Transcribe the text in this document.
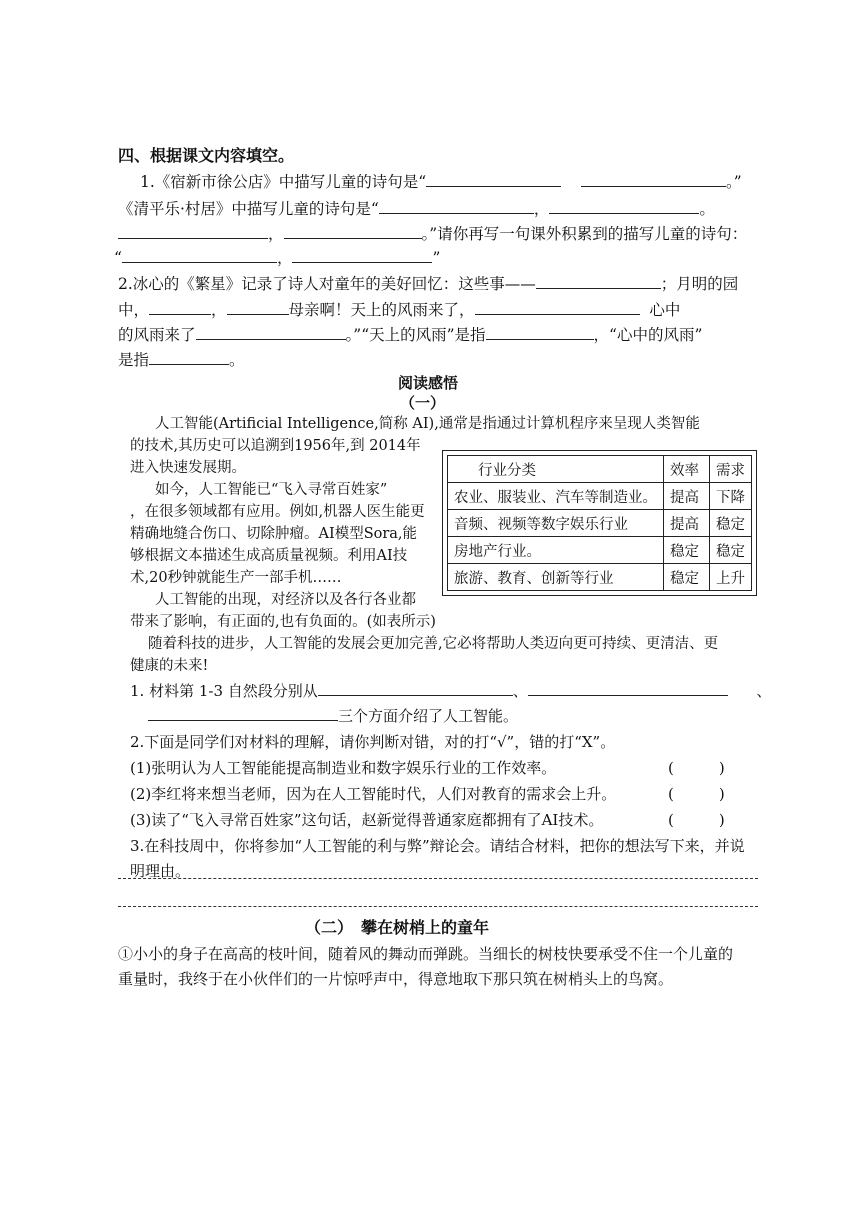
四、根据课文内容填空。
1.《宿新市徐公店》中描写儿童的诗句是“	。”
《清平乐·村居》中描写儿童的诗句是“	，	。
，	。”请你再写一句课外积累到的描写儿童的诗句：
“	，	”
2.冰心的《繁星》记录了诗人对童年的美好回忆：这些事——	；月明的园
中，	，	母亲啊！天上的风雨来了，	心中
的风雨来了	。”“天上的风雨”是指	，“心中的风雨”
是指	。
阅读感悟
（一）
人工智能(Artificial Intelligence,简称 AI),通常是指通过计算机程序来呈现人类智能
的技术,其历史可以追溯到1956年,到 2014年
进入快速发展期。
如今，人工智能已“飞入寻常百姓家”
，在很多领域都有应用。例如,机器人医生能更
精确地缝合伤口、切除肿瘤。AI模型Sora,能
够根据文本描述生成高质量视频。利用AI技
术,20秒钟就能生产一部手机……
人工智能的出现，对经济以及各行各业都
带来了影响，有正面的,也有负面的。(如表所示)
随着科技的进步，人工智能的发展会更加完善,它必将帮助人类迈向更可持续、更清洁、更
健康的未来!
行业分类	效率	需求
农业、服装业、汽车等制造业。	提高	下降
音频、视频等数字娱乐行业	提高	稳定
房地产行业。	稳定	稳定
旅游、教育、创新等行业	稳定	上升
1. 材料第 1-3 自然段分别从	、	、
三个方面介绍了人工智能。
2.下面是同学们对材料的理解，请你判断对错，对的打“√”，错的打“X”。
(1)张明认为人工智能能提高制造业和数字娱乐行业的工作效率。	(　　　)
(2)李红将来想当老师，因为在人工智能时代，人们对教育的需求会上升。	(　　　)
(3)读了“飞入寻常百姓家”这句话，赵新觉得普通家庭都拥有了AI技术。	(　　　)
3.在科技周中，你将参加“人工智能的利与弊”辩论会。请结合材料，把你的想法写下来，并说
明理由。
（二）　攀在树梢上的童年
①小小的身子在高高的枝叶间，随着风的舞动而弹跳。当细长的树枝快要承受不住一个儿童的
重量时，我终于在小伙伴们的一片惊呼声中，得意地取下那只筑在树梢头上的鸟窝。
